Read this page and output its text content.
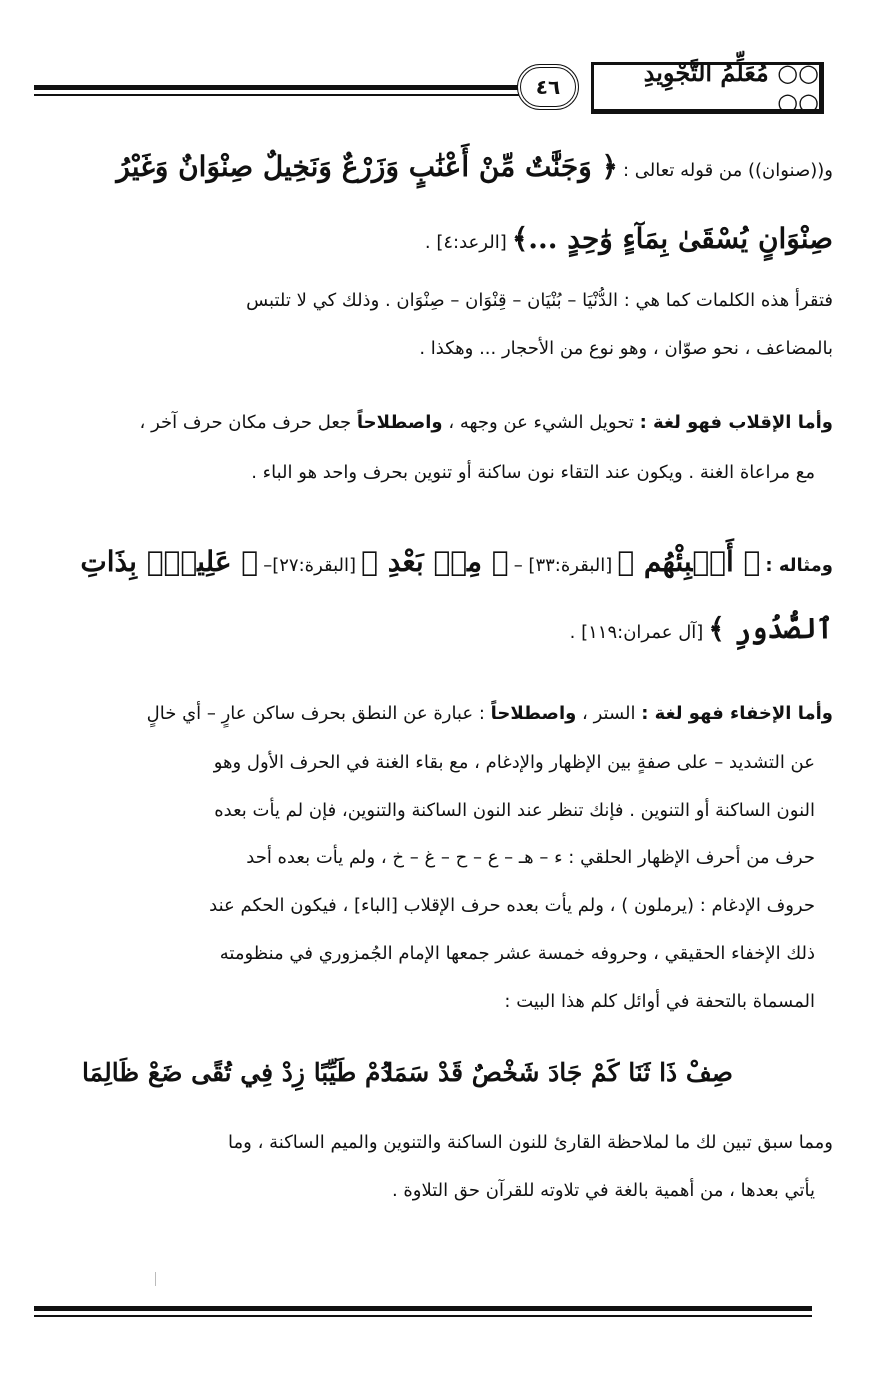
٤٦	○○ مُعَلِّمُ التَّجْوِيدِ ○○
و((صنوان)) من قوله تعالى : ﴿ وَجَنَّٰتٌ مِّنْ أَعْنَٰبٍ وَزَرْعٌ وَنَخِيلٌ صِنْوَانٌ وَغَيْرُ
صِنْوَانٍ يُسْقَىٰ بِمَآءٍ وَٰحِدٍ ...﴾ [الرعد:٤] .
فتقرأ هذه الكلمات كما هي : الدُّنْيَا – بُنْيَان – قِنْوَان – صِنْوَان . وذلك كي لا تلتبس
بالمضاعف ، نحو صوّان ، وهو نوع من الأحجار ... وهكذا .
وأما الإقلاب فهو لغة : تحويل الشيء عن وجهه ، واصطلاحاً جعل حرف مكان حرف آخر ،
مع مراعاة الغنة . ويكون عند التقاء نون ساكنة أو تنوين بحرف واحد هو الباء .
ومثاله : ﴿ أَنۢبِئْهُم ﴾ [البقرة:٣٣] – ﴿ مِنۢ بَعْدِ ﴾ [البقرة:٢٧]– ﴿ عَلِيمٌۢ بِذَاتِ
ٱلصُّدُورِ ﴾ [آل عمران:١١٩] .
وأما الإخفاء فهو لغة : الستر ، واصطلاحاً : عبارة عن النطق بحرف ساكن عارٍ – أي خالٍ
عن التشديد – على صفةٍ بين الإظهار والإدغام ، مع بقاء الغنة في الحرف الأول وهو
النون الساكنة أو التنوين . فإنك تنظر عند النون الساكنة والتنوين، فإن لم يأت بعده
حرف من أحرف الإظهار الحلقي : ء – هـ – ع – ح – غ – خ ، ولم يأت بعده أحد
حروف الإدغام : (يرملون ) ، ولم يأت بعده حرف الإقلاب [الباء] ، فيكون الحكم عند
ذلك الإخفاء الحقيقي ، وحروفه خمسة عشر جمعها الإمام الجُمزوري في منظومته
المسماة بالتحفة في أوائل كلم هذا البيت :
صِفْ ذَا ثَنَا كَمْ جَادَ شَخْصٌ قَدْ سَمَا
دُمْ طَيِّبًا زِدْ فِي تُقًى ضَعْ ظَالِمَا
ومما سبق تبين لك ما لملاحظة القارئ للنون الساكنة والتنوين والميم الساكنة ، وما
يأتي بعدها ، من أهمية بالغة في تلاوته للقرآن حق التلاوة .
